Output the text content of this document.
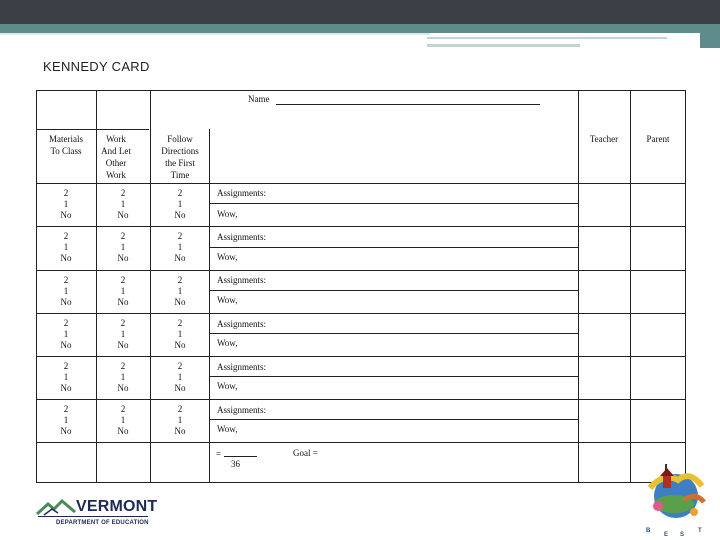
KENNEDY CARD
Name
Materials
To Class
Work
And Let
Other
Work
Follow
Directions
the First
Time
Teacher	Parent
2
1
No
2
1
No
2
1
No
Assignments:
Wow,
2
1
No
2
1
No
2
1
No
Assignments:
Wow,
2
1
No
2
1
No
2
1
No
Assignments:
Wow,
2
1
No
2
1
No
2
1
No
Assignments:
Wow,
2
1
No
2
1
No
2
1
No
Assignments:
Wow,
2
1
No
2
1
No
2
1
No
Assignments:
Wow,
=
36
Goal =
VERMONT
DEPARTMENT OF EDUCATION
B
E S
T
